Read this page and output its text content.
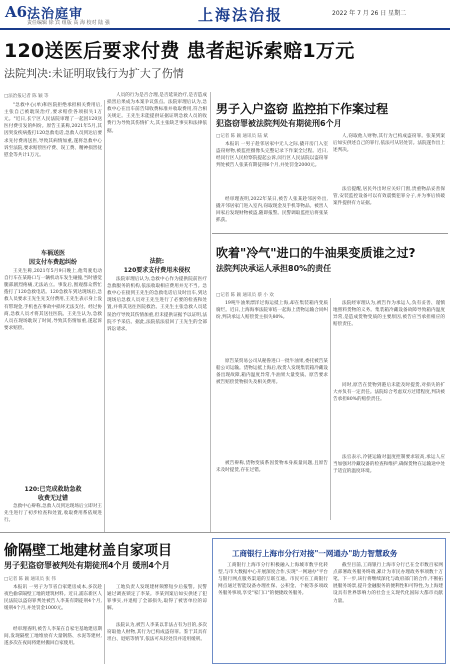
A6 法治庭审
责任编辑 徐 宾 组版 高 海 校对 陆 强	上海法治报	2022 年 7 月 26 日 星期二
120送医后要求付费 患者起诉索赔1万元
法院判决:未证明取钱行为扩大了伤情
□法治报记者 陈 颖 等
"急救中心(单)和医院拒绝承担相关费用后,主张自己被耽误治疗,要求赔偿各项损失1万元。"近日,长宁区人民法院审理了一起因120送医付费引发的纠纷。原告王某称,2021年5月,其因突发疾病拨打120急救电话,急救人员到达后要求先付费再送医,导致其病情加重,遂将急救中心诉至法院,要求赔偿医疗费、误工费、精神损害抚慰金等共计1万元。
车祸送医
因支付车费起纠纷
王先生称,2021年5月9日晚上,他驾驶电动自行车在某路口与一辆机动车发生碰撞,当时感觉腿部剧烈疼痛,无法站立。事发后,围观群众帮忙拨打了120急救电话。120急救车到达现场后,急救人员要求王先生先支付费用,王先生表示身上没有带现金,手机也在事故中损坏无法支付。经过协商,急救人员才将其送往医院。王先生认为,急救人员在现场耽误了时间,导致其伤情加重,遂起诉要求赔偿。
120:已完成救助急救
收费无过错
急救中心辩称,急救人员到达现场后立即对王先生进行了初步检查和处置,收取费用系依规进行。
人员的行为是否合理,是否延误治疗,是否造成损害后果成为本案争议焦点。法院审理后认为,急救中心在出车前告知收费标准并收取费用,符合相关规定。王先生未能提供证据证明急救人员的收费行为导致其伤情扩大,其主张缺乏事实和法律依据。
法院:
120要求支付费用未侵权
法院审理后认为,急救中心作为提供院前医疗急救服务的机构,依法收取相应费用并无不当。急救中心在接到王先生的急救电话后及时出车,到达现场后急救人员对王先生进行了必要的检查和处置,并将其送往医院救治。王先生主张急救人员延误治疗导致其伤情加重,但未提供证据予以证明,法院不予采信。据此,法院依法驳回了王先生的全部诉讼请求。
男子入户盗窃 监控拍下作案过程
犯盗窃罪被法院判处有期徒刑6个月
□记者 陈 颖 通讯员 陆 斌
本报讯 一男子趁邻居家中无人之际,撬开房门入室盗窃财物,被监控摄像头完整记录下作案全过程。近日,经闵行区人民检察院提起公诉,闵行区人民法院以盗窃罪判处被告人张某有期徒刑6个月,并处罚金2000元。
经审理查明,2022年某日,被告人张某趁邻居外出,撬开邻居家门进入室内,窃取现金及手机等物品。被害人回家后发现财物被盗,随即报警。民警调取监控后将张某抓获。
人,窃取他人财物,其行为已构成盗窃罪。张某到案后如实供述自己的罪行,依法可从轻处罚。法院遂作出上述判决。
法官提醒,居民外出时应关好门窗,贵重物品妥善保管,安装监控设备可以有效震慑犯罪分子,并为事后侦破案件提供有力证据。
吹着"冷气"进口的牛油果变质谁之过?
法院判决承运人承担80%的责任
□记者 陈 颖 通讯员 蔡 小 欢
19吨牛油果漂洋过海运抵上海,却在集装箱内变质腐烂。近日,上海海事法院审结一起海上货物运输合同纠纷,判决承运人赔偿货主损失80%。
原告某贸易公司从秘鲁进口一批牛油果,委托被告某船公司运输。货物运抵上海后,收货人发现集装箱冷藏设备出现故障,箱内温度异常,牛油果大量变质。原告要求被告赔偿货物损失及相关费用。
被告辩称,货物变质系因货物本身质量问题,且原告未及时提货,存在过错。
法院经审理认为,被告作为承运人,负有妥善、谨慎地照料货物的义务。集装箱冷藏设备故障导致箱内温度异常,是造成货物变质的主要原因,被告应当承担相应的赔偿责任。
同时,原告在货物到港后未能及时提货,对损失的扩大亦负有一定责任。法院综合考虑双方过错程度,判决被告承担80%的赔偿责任。
法官表示,冷链运输对温度控制要求较高,承运人应当加强对冷藏设备的检查和维护,确保货物在运输途中处于适宜的温度环境。
偷隔壁工地建材盖自家项目
男子犯盗窃罪被判处有期徒刑4个月 缓刑4个月
□记者 陈 颖 通讯员 张 伟
本报讯 一男子为节省自家建房成本,多次趁夜色偷拿隔壁工地的建筑材料。近日,浦东新区人民法院以盗窃罪判处被告人李某有期徒刑4个月,缓刑4个月,并处罚金1000元。
经审理查明,被告人李某在自家宅基地建房期间,发现隔壁工地堆放有大量钢筋、水泥等建材,遂多次在夜间将建材搬回自家使用。
工地负责人发现建材频繁短少后报警。民警通过调查锁定了李某。李某到案后如实供述了犯罪事实,并退赔了全部损失,取得了被害单位的谅解。
法院认为,被告人李某以非法占有为目的,多次窃取他人财物,其行为已构成盗窃罪。鉴于其具有坦白、退赔等情节,依法可从轻处罚并适用缓刑。
工商银行上海市分行对接"一网通办"助力智慧政务
工商银行上海市分行积极融入上海城市数字化转型,与市大数据中心开展深度合作,实现"一网通办"平台与银行网点服务渠道的互联互通。市民可在工商银行网点通过智能设备办理社保、公积金、个税等多项政务服务事项,享受"家门口"的便捷政务服务。
截至目前,工商银行上海市分行已在全市数百家网点部署政务服务终端,累计为市民办理政务事项数十万笔。下一步,该行将继续深化与政府部门的合作,不断拓展服务场景,提升金融服务的便利性和可得性,为上海建设具有世界影响力的社会主义现代化国际大都市贡献力量。
